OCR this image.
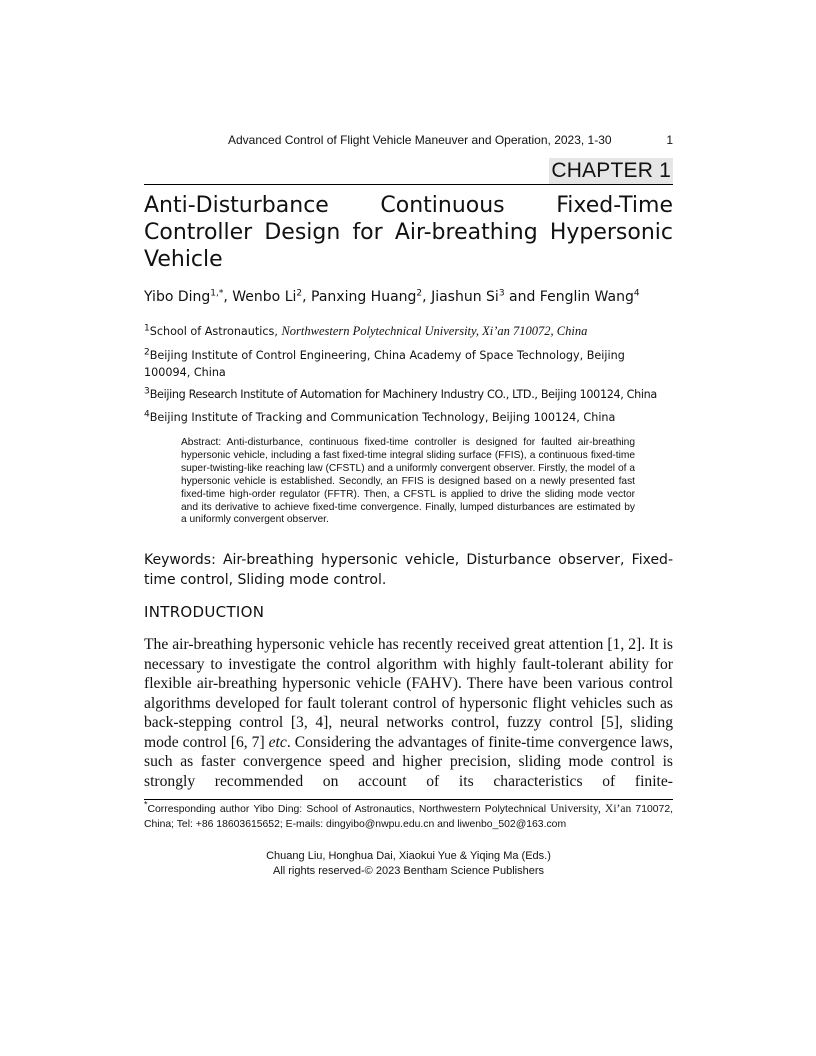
Advanced Control of Flight Vehicle Maneuver and Operation, 2023, 1-30	1
CHAPTER 1
Anti-Disturbance Continuous Fixed-Time
Controller Design for Air-breathing Hypersonic
Vehicle
Yibo Ding$^{1,*}$, Wenbo Li$^2$, Panxing Huang$^2$, Jiashun Si$^3$ and Fenglin Wang$^4$
$^1$School of Astronautics, Northwestern Polytechnical University, Xi’an 710072, China
$^2$Beijing Institute of Control Engineering, China Academy of Space Technology, Beijing 100094, China
$^3$Beijing Research Institute of Automation for Machinery Industry CO., LTD., Beijing 100124, China
$^4$Beijing Institute of Tracking and Communication Technology, Beijing 100124, China
Abstract: Anti-disturbance, continuous fixed-time controller is designed for faulted air-breathing hypersonic vehicle, including a fast fixed-time integral sliding surface (FFIS), a continuous fixed-time super-twisting-like reaching law (CFSTL) and a uniformly convergent observer. Firstly, the model of a hypersonic vehicle is established. Secondly, an FFIS is designed based on a newly presented fast fixed-time high-order regulator (FFTR). Then, a CFSTL is applied to drive the sliding mode vector and its derivative to achieve fixed-time convergence. Finally, lumped disturbances are estimated by a uniformly convergent observer.
Keywords: Air-breathing hypersonic vehicle, Disturbance observer, Fixed-time control, Sliding mode control.
INTRODUCTION
The air-breathing hypersonic vehicle has recently received great attention [1, 2]. It is necessary to investigate the control algorithm with highly fault-tolerant ability for flexible air-breathing hypersonic vehicle (FAHV). There have been various control algorithms developed for fault tolerant control of hypersonic flight vehicles such as back-stepping control [3, 4], neural networks control, fuzzy control [5], sliding mode control [6, 7] etc. Considering the advantages of finite-time convergence laws, such as faster convergence speed and higher precision, sliding mode control is strongly recommended on account of its characteristics of finite-
*Corresponding author Yibo Ding: School of Astronautics, Northwestern Polytechnical University, Xi’an 710072, China; Tel: +86 18603615652; E-mails: dingyibo@nwpu.edu.cn and liwenbo_502@163.com
Chuang Liu, Honghua Dai, Xiaokui Yue & Yiqing Ma (Eds.)
All rights reserved-© 2023 Bentham Science Publishers
